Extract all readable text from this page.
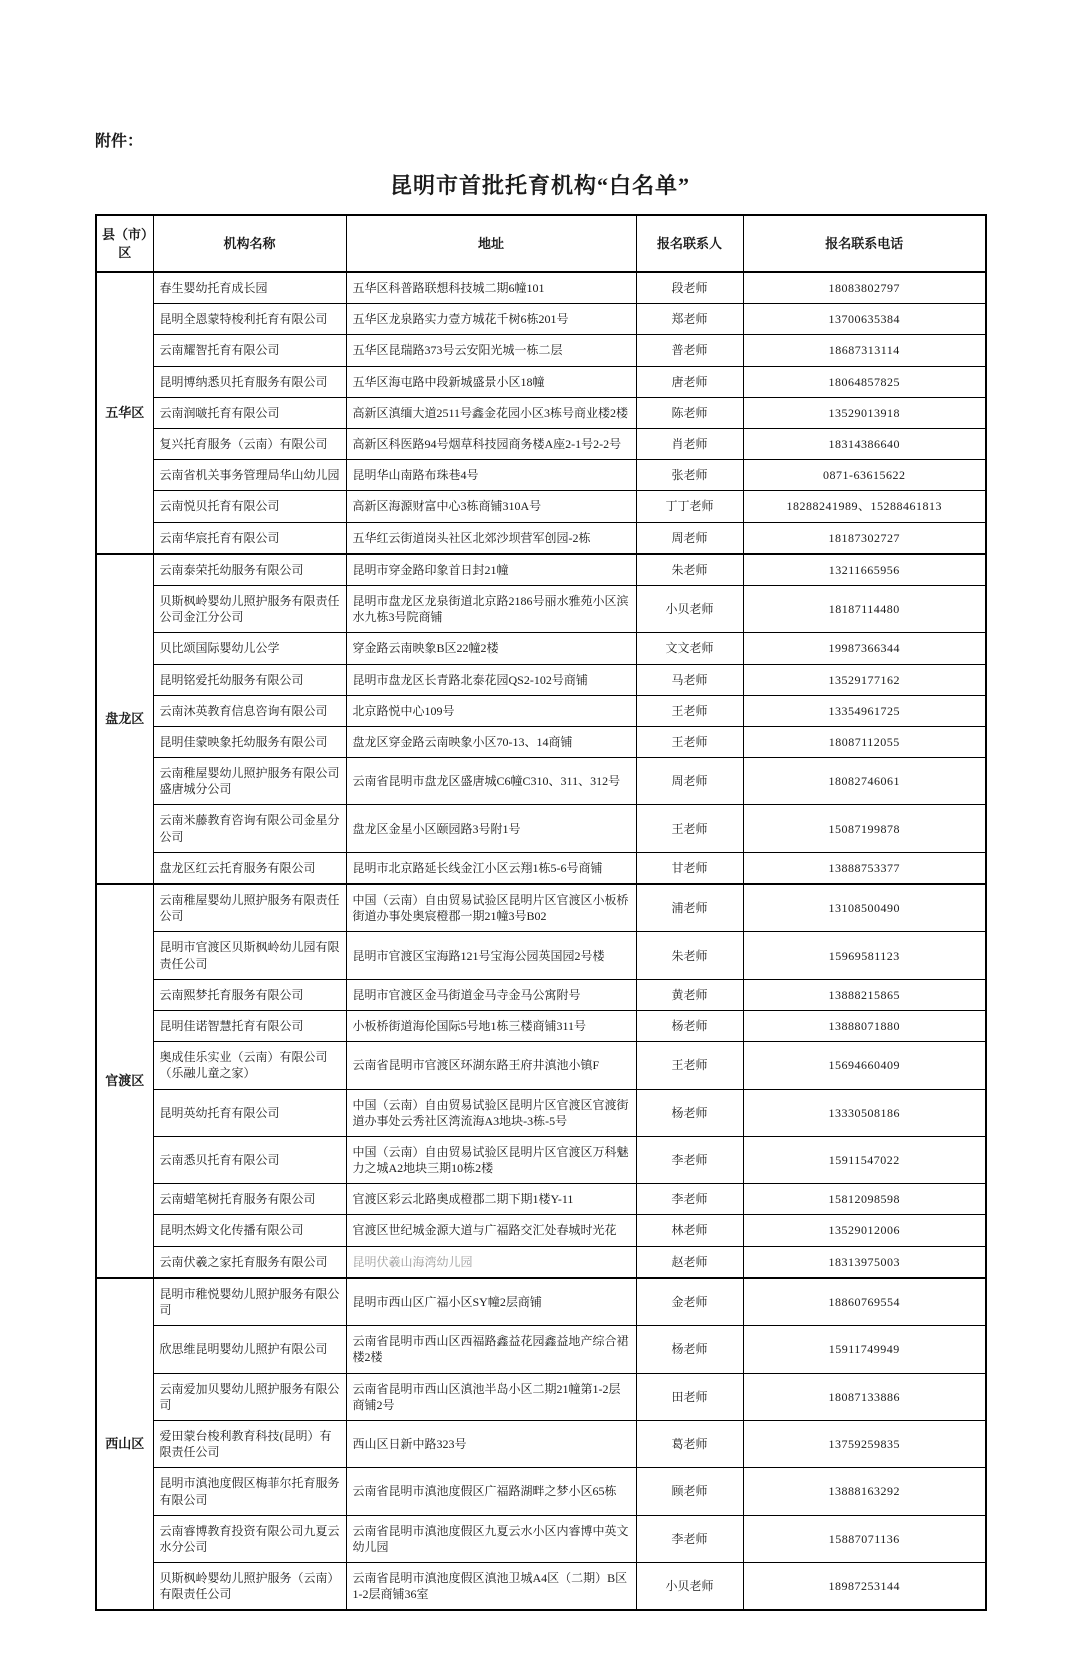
附件：

昆明市首批托育机构“白名单”
县（市）区	机构名称	地址	报名联系人	报名联系电话
五华区	春生婴幼托育成长园	五华区科普路联想科技城二期6幢101	段老师	18083802797
	昆明全恩蒙特梭利托育有限公司	五华区龙泉路实力壹方城花千树6栋201号	郑老师	13700635384
	云南耀智托育有限公司	五华区昆瑞路373号云安阳光城一栋二层	普老师	18687313114
	昆明博纳悉贝托育服务有限公司	五华区海屯路中段新城盛景小区18幢	唐老师	18064857825
	云南润啵托育有限公司	高新区滇缅大道2511号鑫金花园小区3栋号商业楼2楼	陈老师	13529013918
	复兴托育服务（云南）有限公司	高新区科医路94号烟草科技园商务楼A座2-1号2-2号	肖老师	18314386640
	云南省机关事务管理局华山幼儿园	昆明华山南路布珠巷4号	张老师	0871-63615622
	云南悦贝托育有限公司	高新区海源财富中心3栋商铺310A号	丁丁老师	18288241989、15288461813
	云南华宸托育有限公司	五华红云街道岗头社区北郊沙坝营军创园-2栋	周老师	18187302727
盘龙区	云南泰荣托幼服务有限公司	昆明市穿金路印象首日封21幢	朱老师	13211665956
	贝斯枫岭婴幼儿照护服务有限责任公司金江分公司	昆明市盘龙区龙泉街道北京路2186号丽水雅苑小区滨水九栋3号院商铺	小贝老师	18187114480
	贝比颂国际婴幼儿公学	穿金路云南映象B区22幢2楼	文文老师	19987366344
	昆明铭爱托幼服务有限公司	昆明市盘龙区长青路北泰花园QS2-102号商铺	马老师	13529177162
	云南沐英教育信息咨询有限公司	北京路悦中心109号	王老师	13354961725
	昆明佳蒙映象托幼服务有限公司	盘龙区穿金路云南映象小区70-13、14商铺	王老师	18087112055
	云南稚屋婴幼儿照护服务有限公司盛唐城分公司	云南省昆明市盘龙区盛唐城C6幢C310、311、312号	周老师	18082746061
	云南米藤教育咨询有限公司金星分公司	盘龙区金星小区颐园路3号附1号	王老师	15087199878
	盘龙区红云托育服务有限公司	昆明市北京路延长线金江小区云翔1栋5-6号商铺	甘老师	13888753377
官渡区	云南稚屋婴幼儿照护服务有限责任公司	中国（云南）自由贸易试验区昆明片区官渡区小板桥街道办事处奥宸橙郡一期21幢3号B02	浦老师	13108500490
	昆明市官渡区贝斯枫岭幼儿园有限责任公司	昆明市官渡区宝海路121号宝海公园英国园2号楼	朱老师	15969581123
	云南熙梦托育服务有限公司	昆明市官渡区金马街道金马寺金马公寓附号	黄老师	13888215865
	昆明佳诺智慧托育有限公司	小板桥街道海伦国际5号地1栋三楼商铺311号	杨老师	13888071880
	奥成佳乐实业（云南）有限公司（乐融儿童之家）	云南省昆明市官渡区环湖东路王府井滇池小镇F	王老师	15694660409
	昆明英幼托育有限公司	中国（云南）自由贸易试验区昆明片区官渡区官渡街道办事处云秀社区湾流海A3地块-3栋-5号	杨老师	13330508186
	云南悉贝托育有限公司	中国（云南）自由贸易试验区昆明片区官渡区万科魅力之城A2地块三期10栋2楼	李老师	15911547022
	云南蜡笔树托育服务有限公司	官渡区彩云北路奥成橙郡二期下期1楼Y-11	李老师	15812098598
	昆明杰姆文化传播有限公司	官渡区世纪城金源大道与广福路交汇处春城时光花	林老师	13529012006
	云南伏羲之家托育服务有限公司	昆明伏羲山海湾幼儿园	赵老师	18313975003
西山区	昆明市稚悦婴幼儿照护服务有限公司	昆明市西山区广福小区SY幢2层商铺	金老师	18860769554
	欣思维昆明婴幼儿照护有限公司	云南省昆明市西山区西福路鑫益花园鑫益地产综合裙楼2楼	杨老师	15911749949
	云南爱加贝婴幼儿照护服务有限公司	云南省昆明市西山区滇池半岛小区二期21幢第1-2层商铺2号	田老师	18087133886
	爱田蒙台梭利教育科技(昆明）有限责任公司	西山区日新中路323号	葛老师	13759259835
	昆明市滇池度假区梅菲尔托育服务有限公司	云南省昆明市滇池度假区广福路湖畔之梦小区65栋	顾老师	13888163292
	云南睿博教育投资有限公司九夏云水分公司	云南省昆明市滇池度假区九夏云水小区内睿博中英文幼儿园	李老师	15887071136
	贝斯枫岭婴幼儿照护服务（云南）有限责任公司	云南省昆明市滇池度假区滇池卫城A4区（二期）B区1-2层商铺36室	小贝老师	18987253144
